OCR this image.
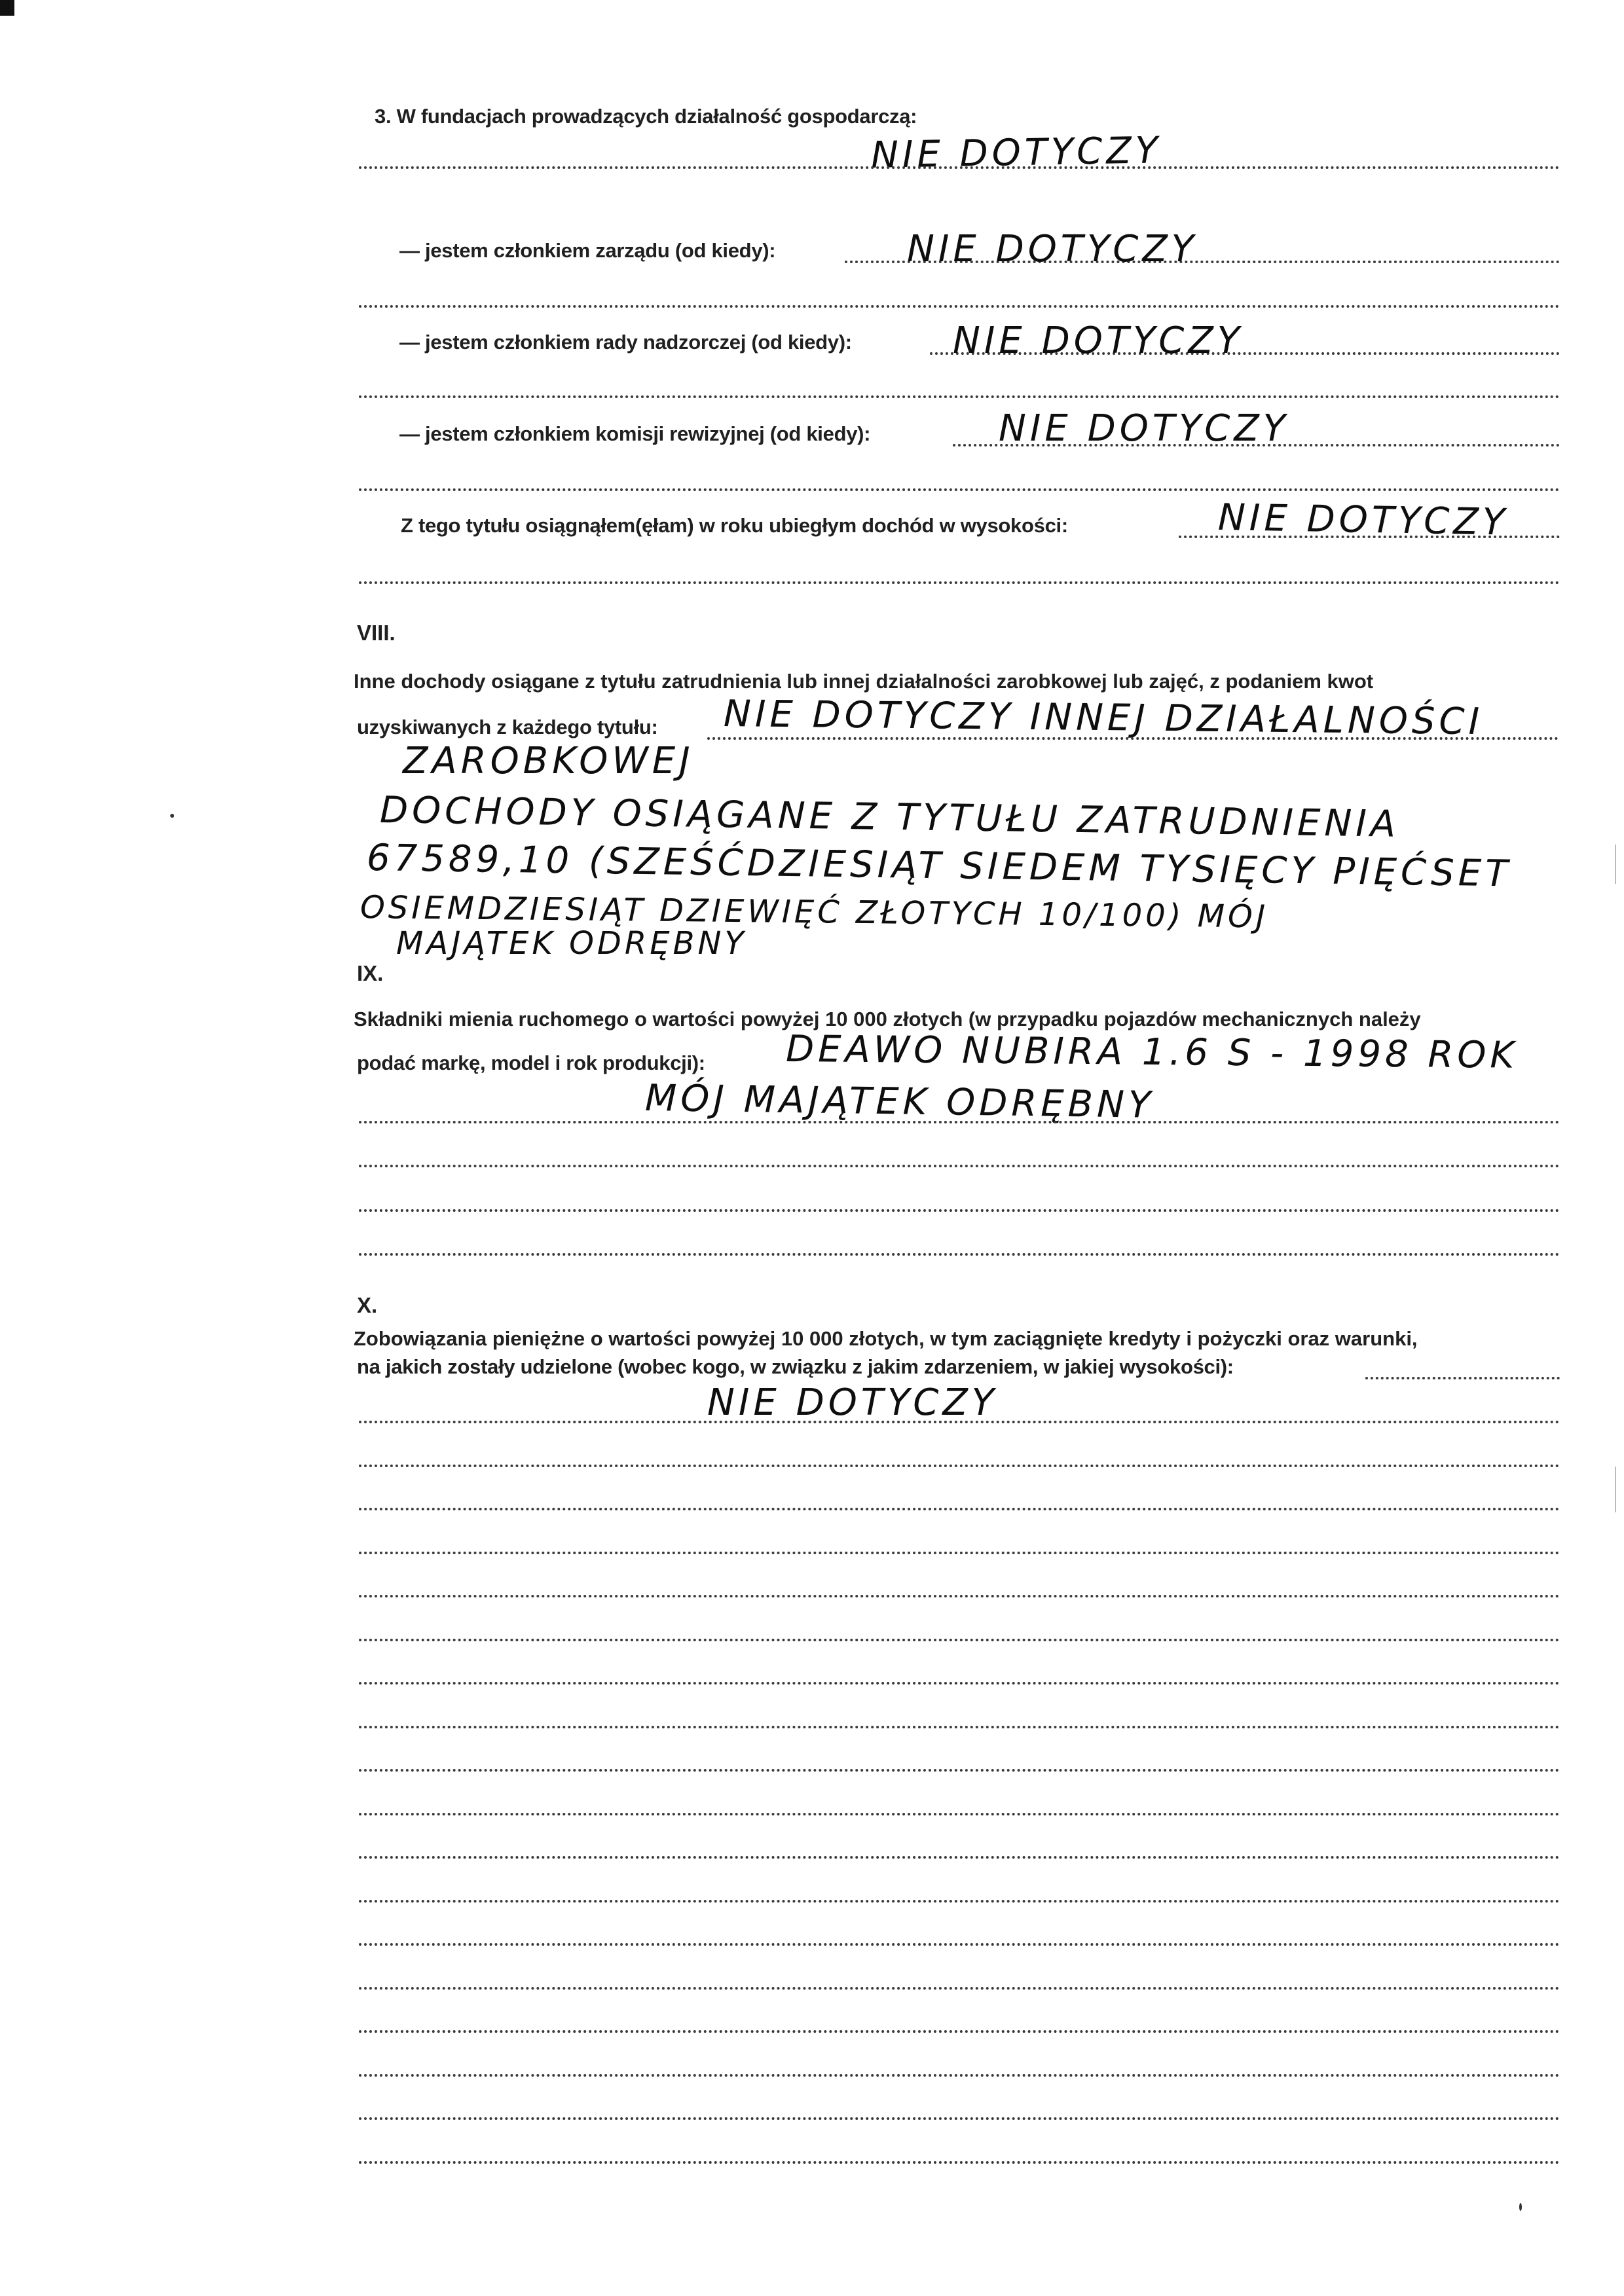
3. W fundacjach prowadzących działalność gospodarczą:
NIE DOTYCZY
— jestem członkiem zarządu (od kiedy):	NIE DOTYCZY
— jestem członkiem rady nadzorczej (od kiedy):	NIE DOTYCZY
— jestem członkiem komisji rewizyjnej (od kiedy):	NIE DOTYCZY
Z tego tytułu osiągnąłem(ęłam) w roku ubiegłym dochód w wysokości:	NIE DOTYCZY
VIII.
Inne dochody osiągane z tytułu zatrudnienia lub innej działalności zarobkowej lub zajęć, z podaniem kwot
uzyskiwanych z każdego tytułu: NIE DOTYCZY INNEJ DZIAŁALNOŚCI
ZAROBKOWEJ
DOCHODY OSIĄGANE Z TYTUŁU ZATRUDNIENIA
67589,10 (SZEŚĆDZIESIĄT SIEDEM TYSIĘCY PIĘĆSET
OSIEMDZIESIĄT DZIEWIĘĆ ZŁOTYCH 10/100) MÓJ
MAJĄTEK ODRĘBNY
IX.
Składniki mienia ruchomego o wartości powyżej 10 000 złotych (w przypadku pojazdów mechanicznych należy
podać markę, model i rok produkcji): DEAWO NUBIRA 1.6 S - 1998 ROK
MÓJ MAJĄTEK ODRĘBNY
X.
Zobowiązania pieniężne o wartości powyżej 10 000 złotych, w tym zaciągnięte kredyty i pożyczki oraz warunki,
na jakich zostały udzielone (wobec kogo, w związku z jakim zdarzeniem, w jakiej wysokości):
NIE DOTYCZY
